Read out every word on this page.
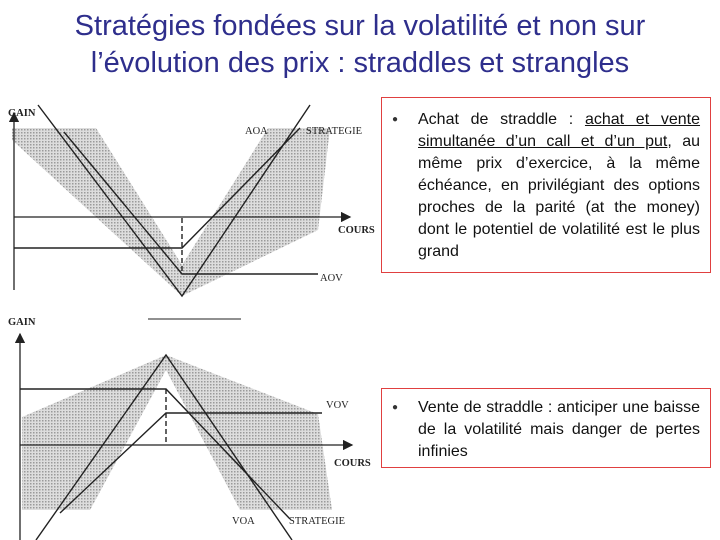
Stratégies fondées sur la volatilité et non sur
l’évolution des prix : straddles et strangles
GAIN
AOA	STRATEGIE
COURS
AOV
GAIN
VOV
COURS
VOA	STRATEGIE
●	Achat de straddle : achat et vente simultanée d’un call et d’un put, au même prix d’exercice, à la même échéance, en privilégiant des options proches de la parité (at the money) dont le potentiel de volatilité est le plus grand
●	Vente de straddle : anticiper une baisse de la volatilité mais danger de pertes infinies
